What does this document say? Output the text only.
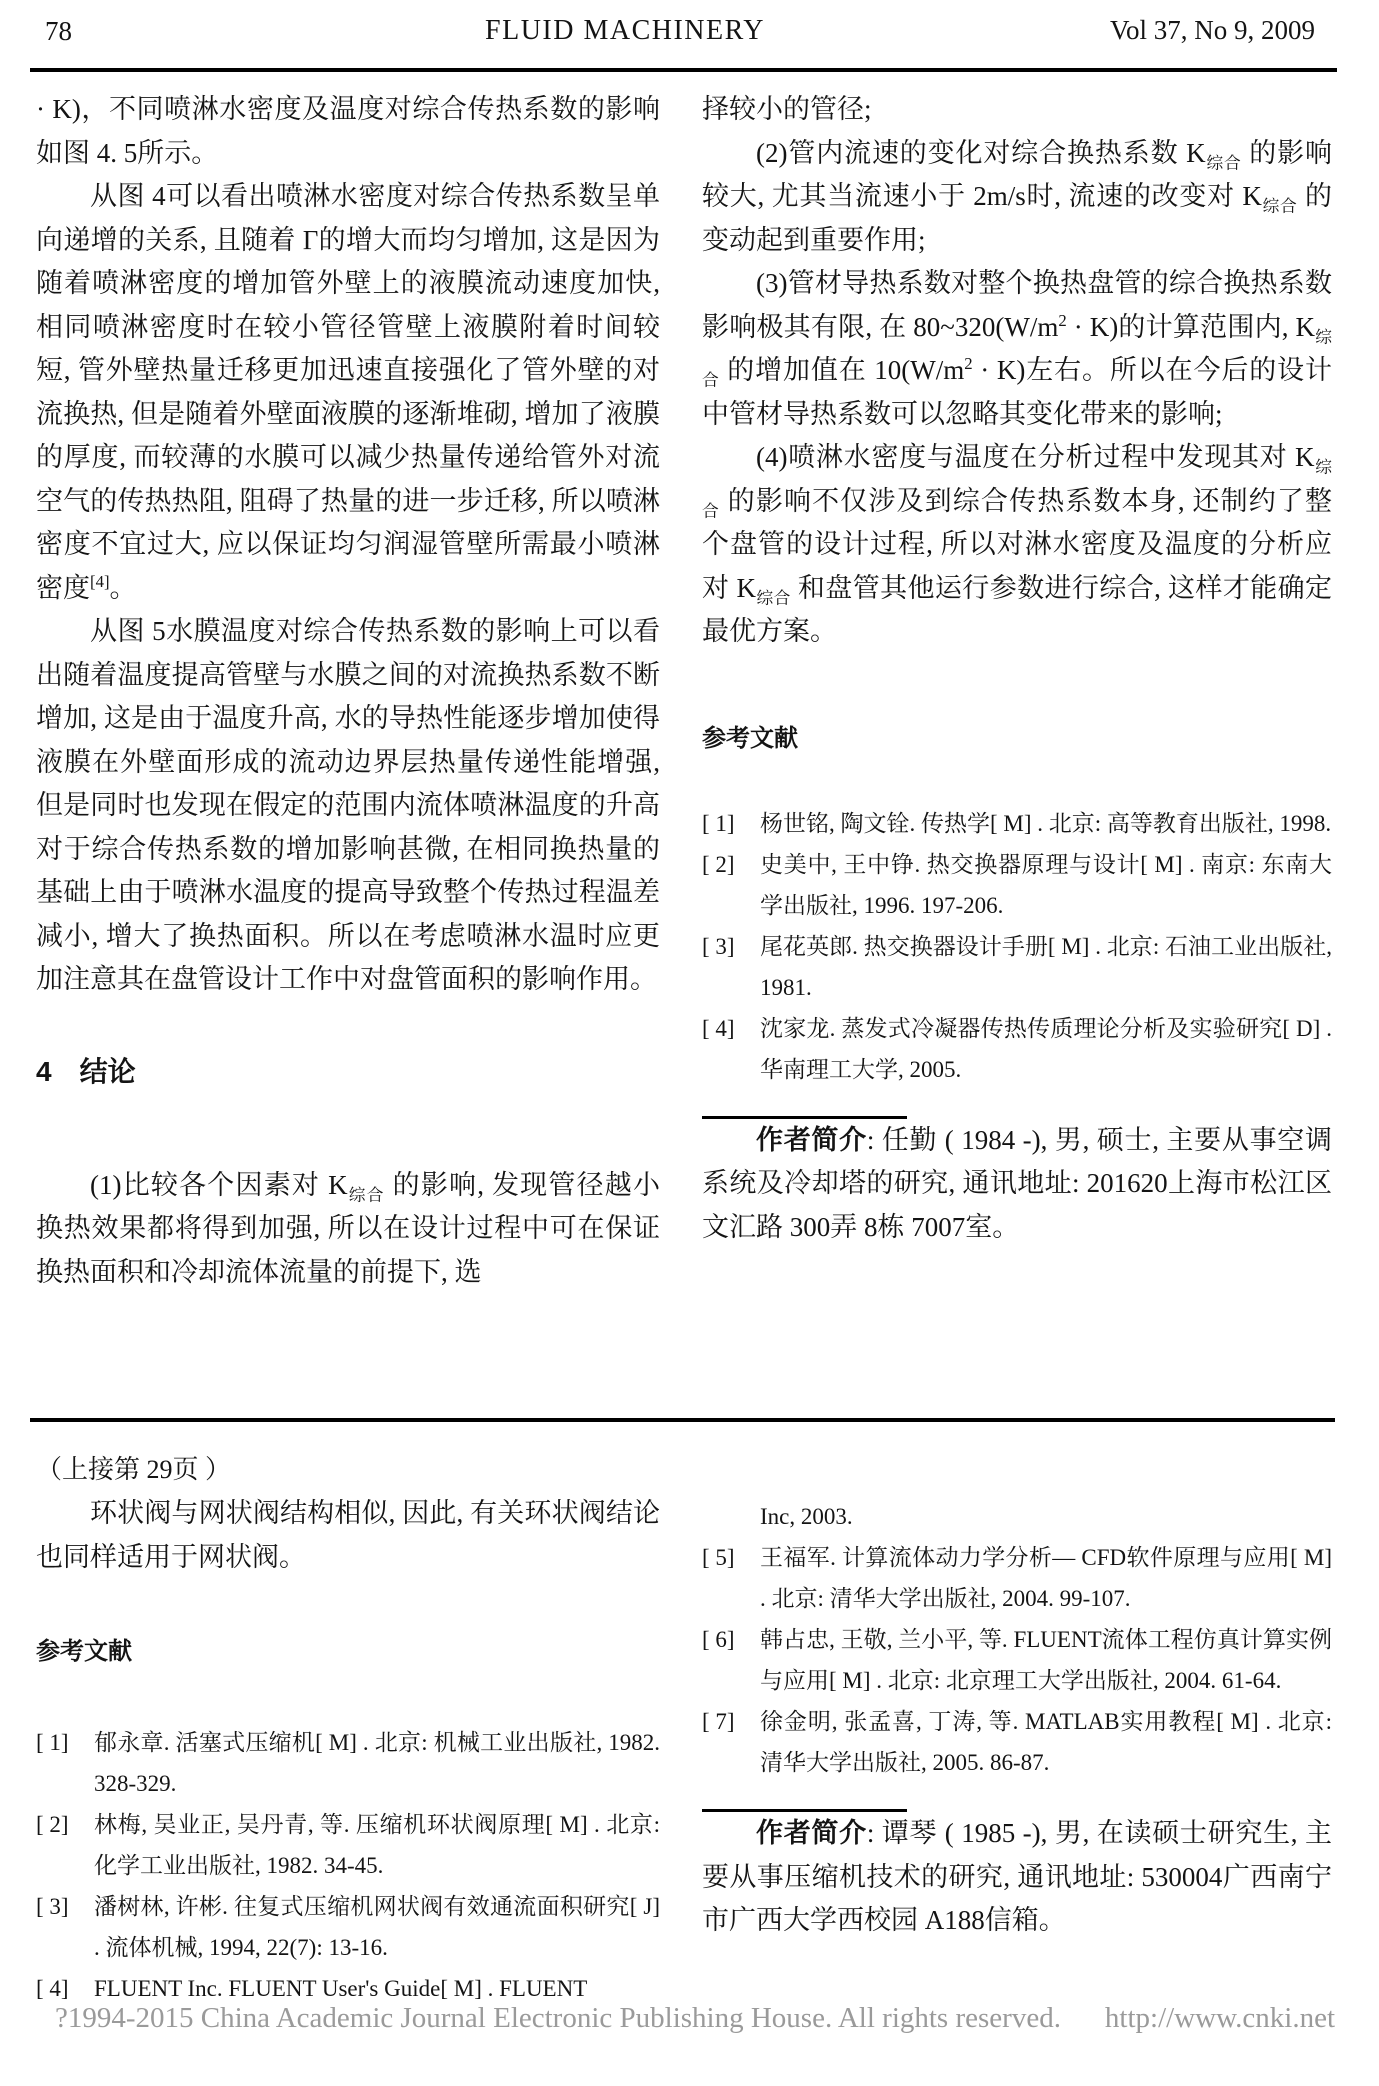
78	FLUID MACHINERY	Vol 37, No 9, 2009

· K)，不同喷淋水密度及温度对综合传热系数的影响如图 4. 5所示。

从图 4可以看出喷淋水密度对综合传热系数呈单向递增的关系, 且随着 Γ的增大而均匀增加, 这是因为随着喷淋密度的增加管外壁上的液膜流动速度加快, 相同喷淋密度时在较小管径管壁上液膜附着时间较短, 管外壁热量迁移更加迅速直接强化了管外壁的对流换热, 但是随着外壁面液膜的逐渐堆砌, 增加了液膜的厚度, 而较薄的水膜可以减少热量传递给管外对流空气的传热热阻, 阻碍了热量的进一步迁移, 所以喷淋密度不宜过大, 应以保证均匀润湿管壁所需最小喷淋密度[4]。

从图 5水膜温度对综合传热系数的影响上可以看出随着温度提高管壁与水膜之间的对流换热系数不断增加, 这是由于温度升高, 水的导热性能逐步增加使得液膜在外壁面形成的流动边界层热量传递性能增强, 但是同时也发现在假定的范围内流体喷淋温度的升高对于综合传热系数的增加影响甚微, 在相同换热量的基础上由于喷淋水温度的提高导致整个传热过程温差减小, 增大了换热面积。所以在考虑喷淋水温时应更加注意其在盘管设计工作中对盘管面积的影响作用。

4　结论

(1)比较各个因素对 $K_{综合}$ 的影响, 发现管径越小换热效果都将得到加强, 所以在设计过程中可在保证换热面积和冷却流体流量的前提下, 选

择较小的管径;

(2)管内流速的变化对综合换热系数 $K_{综合}$ 的影响较大, 尤其当流速小于 2m/s时, 流速的改变对 $K_{综合}$ 的变动起到重要作用;

(3)管材导热系数对整个换热盘管的综合换热系数影响极其有限, 在 $80\sim 320(W/m^2 \cdot K)$的计算范围内, $K_{综合}$ 的增加值在 $10(W/m^2 \cdot K)$左右。所以在今后的设计中管材导热系数可以忽略其变化带来的影响;

(4)喷淋水密度与温度在分析过程中发现其对 $K_{综合}$ 的影响不仅涉及到综合传热系数本身, 还制约了整个盘管的设计过程, 所以对淋水密度及温度的分析应对 $K_{综合}$ 和盘管其他运行参数进行综合, 这样才能确定最优方案。

参考文献
[ 1]	杨世铭, 陶文铨. 传热学[ M] . 北京: 高等教育出版社, 1998.
[ 2]	史美中, 王中铮. 热交换器原理与设计[ M] . 南京: 东南大学出版社, 1996. 197-206.
[ 3]	尾花英郎. 热交换器设计手册[ M] . 北京: 石油工业出版社, 1981.
[ 4]	沈家龙. 蒸发式冷凝器传热传质理论分析及实验研究[ D] . 华南理工大学, 2005.

作者简介: 任勤 ( 1984 -), 男, 硕士, 主要从事空调系统及冷却塔的研究, 通讯地址: 201620上海市松江区文汇路 300弄 8栋 7007室。

（上接第 29页 ）

环状阀与网状阀结构相似, 因此, 有关环状阀结论也同样适用于网状阀。

参考文献
[ 1]	郁永章. 活塞式压缩机[ M] . 北京: 机械工业出版社, 1982. 328-329.
[ 2]	林梅, 吴业正, 吴丹青, 等. 压缩机环状阀原理[ M] . 北京: 化学工业出版社, 1982. 34-45.
[ 3]	潘树林, 许彬. 往复式压缩机网状阀有效通流面积研究[ J] . 流体机械, 1994, 22(7): 13-16.
[ 4]	FLUENT Inc. FLUENT User's Guide[ M] . FLUENT
Inc, 2003.
[ 5]	王福军. 计算流体动力学分析— CFD软件原理与应用[ M] . 北京: 清华大学出版社, 2004. 99-107.
[ 6]	韩占忠, 王敬, 兰小平, 等. FLUENT流体工程仿真计算实例与应用[ M] . 北京: 北京理工大学出版社, 2004. 61-64.
[ 7]	徐金明, 张孟喜, 丁涛, 等. MATLAB实用教程[ M] . 北京: 清华大学出版社, 2005. 86-87.

作者简介: 谭琴 ( 1985 -), 男, 在读硕士研究生, 主要从事压缩机技术的研究, 通讯地址: 530004广西南宁市广西大学西校园 A188信箱。

?1994-2015 China Academic Journal Electronic Publishing House. All rights reserved. http://www.cnki.net
